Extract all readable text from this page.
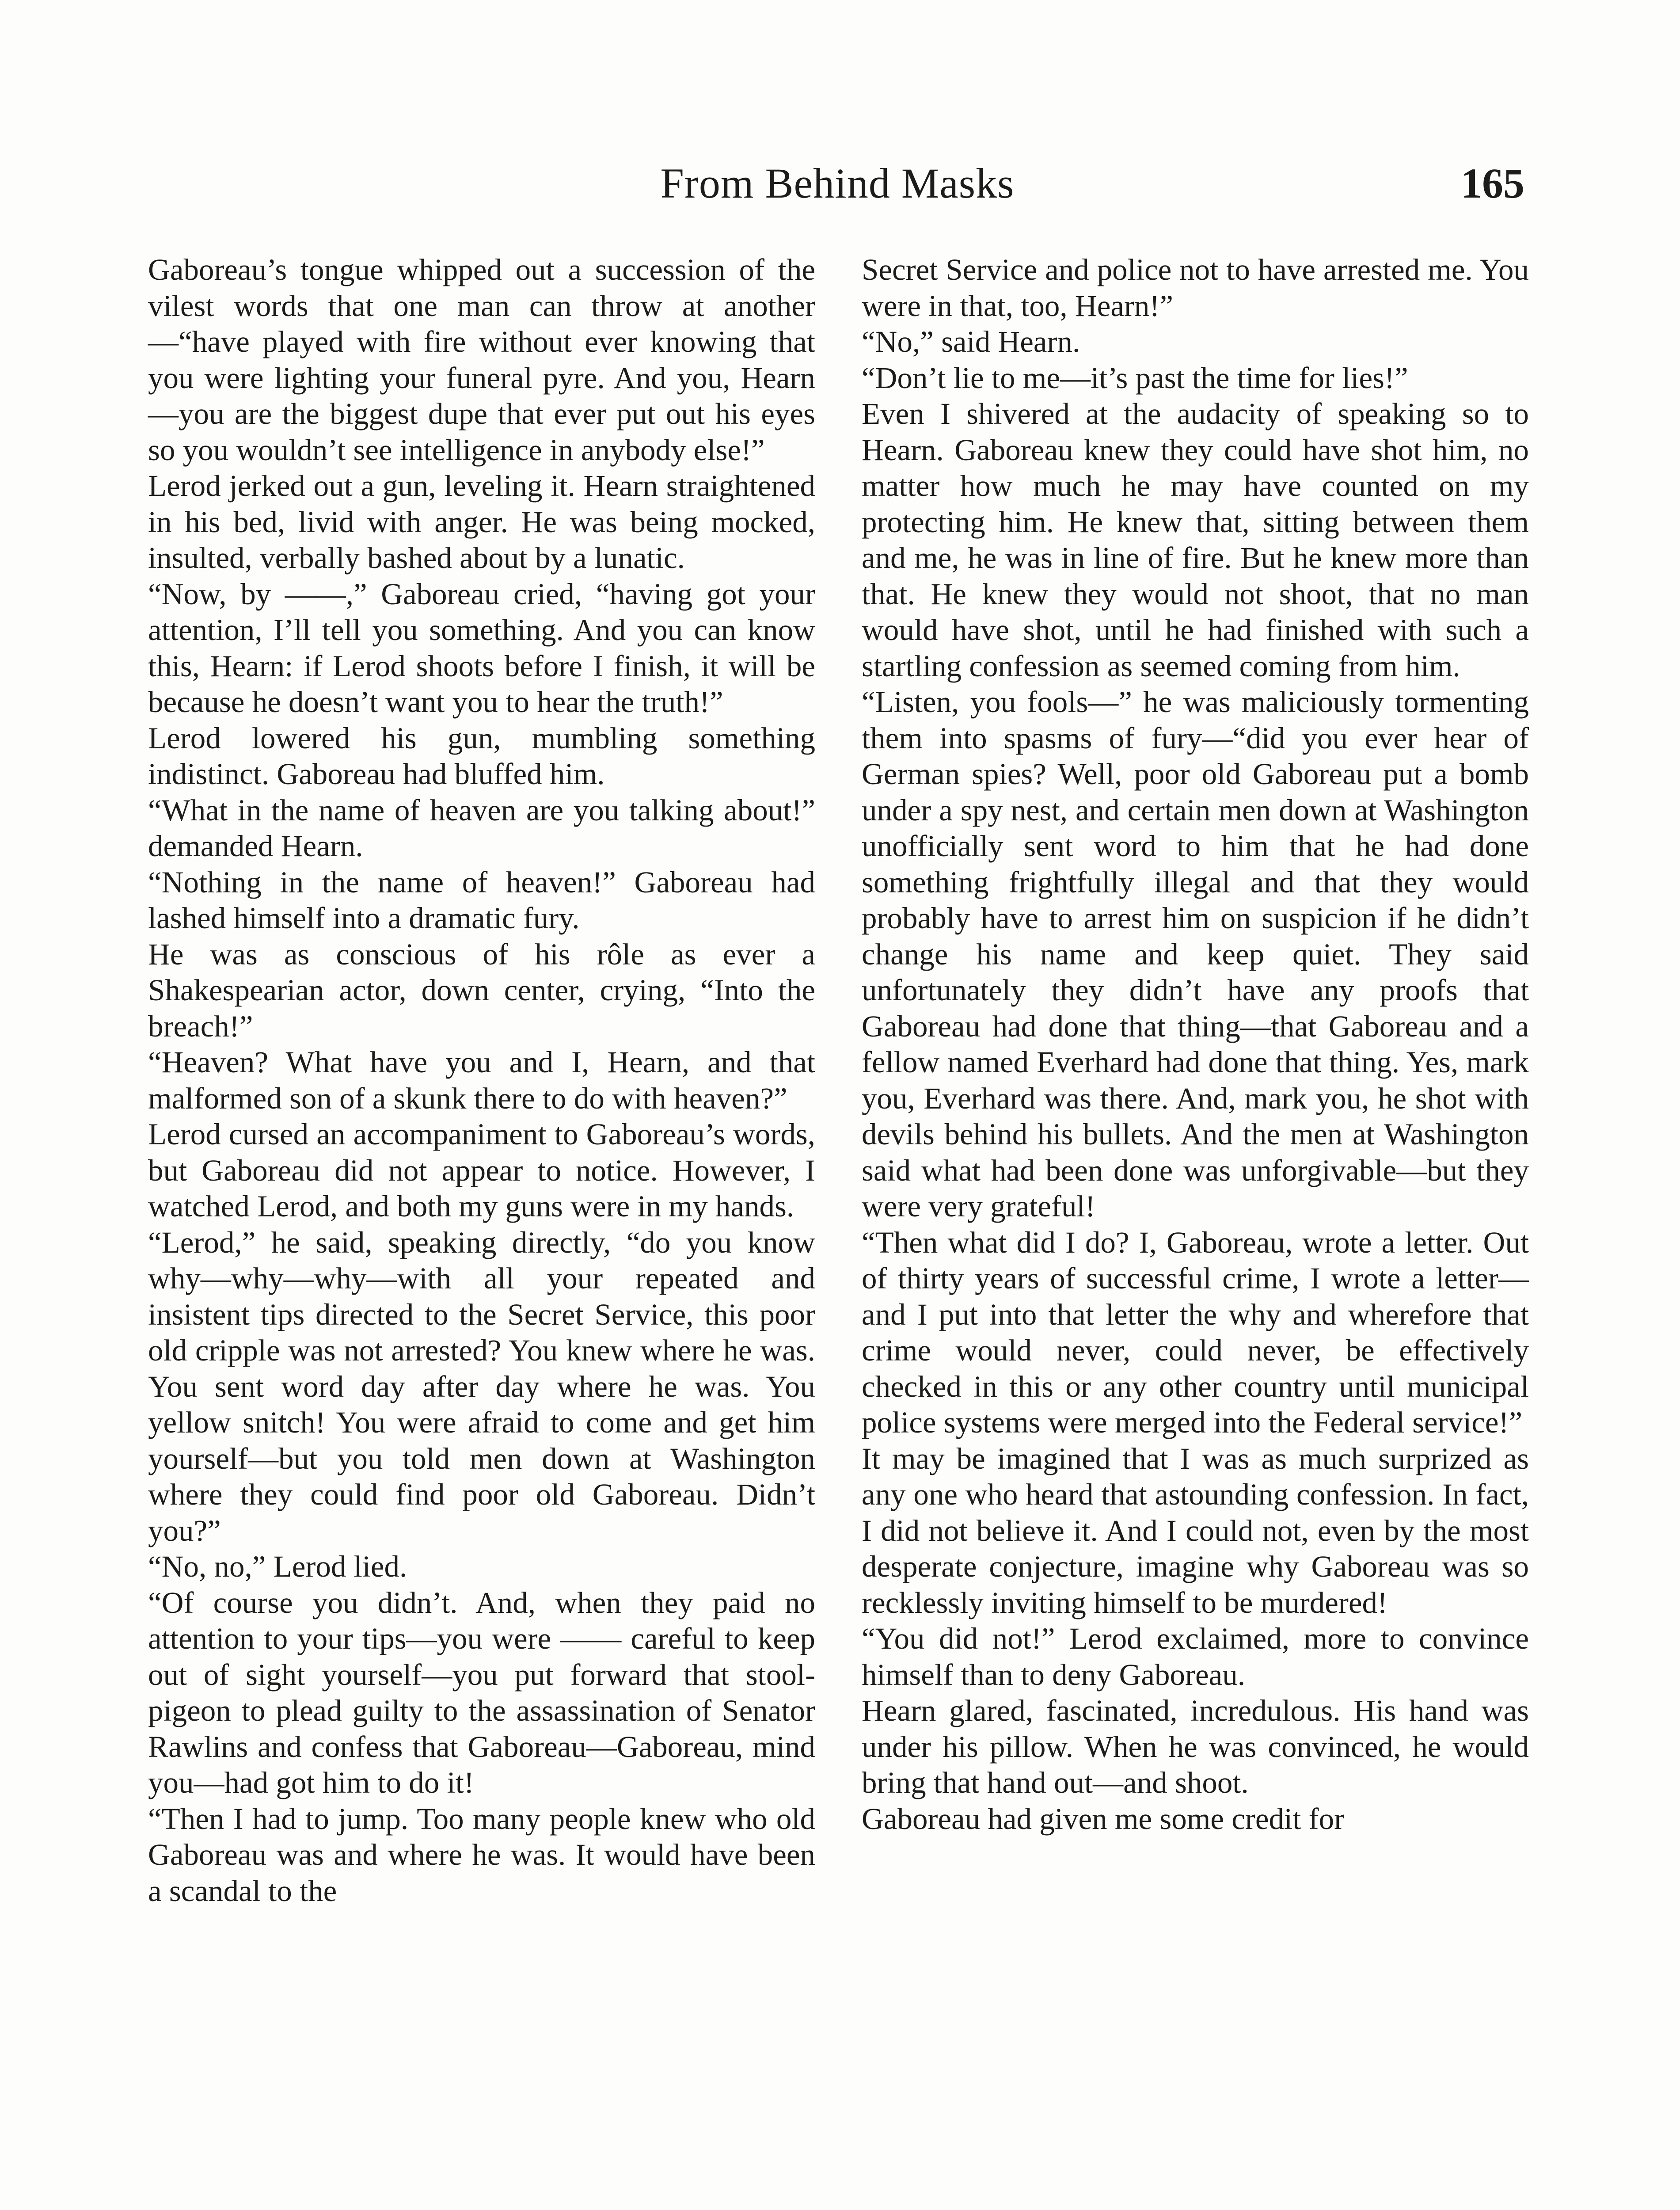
From Behind Masks	165

Gaboreau’s tongue whipped out a succession of the vilest words that one man can throw at another—“have played with fire without ever knowing that you were lighting your funeral pyre. And you, Hearn—you are the biggest dupe that ever put out his eyes so you wouldn’t see intelligence in anybody else!”

Lerod jerked out a gun, leveling it. Hearn straightened in his bed, livid with anger. He was being mocked, insulted, verbally bashed about by a lunatic.

“Now, by ——,” Gaboreau cried, “having got your attention, I’ll tell you something. And you can know this, Hearn: if Lerod shoots before I finish, it will be because he doesn’t want you to hear the truth!”

Lerod lowered his gun, mumbling something indistinct. Gaboreau had bluffed him.

“What in the name of heaven are you talking about!” demanded Hearn.

“Nothing in the name of heaven!” Gaboreau had lashed himself into a dramatic fury.

He was as conscious of his rôle as ever a Shakespearian actor, down center, crying, “Into the breach!”

“Heaven? What have you and I, Hearn, and that malformed son of a skunk there to do with heaven?”

Lerod cursed an accompaniment to Gaboreau’s words, but Gaboreau did not appear to notice. However, I watched Lerod, and both my guns were in my hands.

“Lerod,” he said, speaking directly, “do you know why—why—why—with all your repeated and insistent tips directed to the Secret Service, this poor old cripple was not arrested? You knew where he was. You sent word day after day where he was. You yellow snitch! You were afraid to come and get him yourself—but you told men down at Washington where they could find poor old Gaboreau. Didn’t you?”

“No, no,” Lerod lied.

“Of course you didn’t. And, when they paid no attention to your tips—you were —— careful to keep out of sight yourself—you put forward that stool-pigeon to plead guilty to the assassination of Senator Rawlins and confess that Gaboreau—Gaboreau, mind you—had got him to do it!

“Then I had to jump. Too many people knew who old Gaboreau was and where he was. It would have been a scandal to the

Secret Service and police not to have arrested me. You were in that, too, Hearn!”

“No,” said Hearn.

“Don’t lie to me—it’s past the time for lies!”

Even I shivered at the audacity of speaking so to Hearn. Gaboreau knew they could have shot him, no matter how much he may have counted on my protecting him. He knew that, sitting between them and me, he was in line of fire. But he knew more than that. He knew they would not shoot, that no man would have shot, until he had finished with such a startling confession as seemed coming from him.

“Listen, you fools—” he was maliciously tormenting them into spasms of fury—“did you ever hear of German spies? Well, poor old Gaboreau put a bomb under a spy nest, and certain men down at Washington unofficially sent word to him that he had done something frightfully illegal and that they would probably have to arrest him on suspicion if he didn’t change his name and keep quiet. They said unfortunately they didn’t have any proofs that Gaboreau had done that thing—that Gaboreau and a fellow named Everhard had done that thing. Yes, mark you, Everhard was there. And, mark you, he shot with devils behind his bullets. And the men at Washington said what had been done was unforgivable—but they were very grateful!

“Then what did I do? I, Gaboreau, wrote a letter. Out of thirty years of successful crime, I wrote a letter—and I put into that letter the why and wherefore that crime would never, could never, be effectively checked in this or any other country until municipal police systems were merged into the Federal service!”

It may be imagined that I was as much surprized as any one who heard that astounding confession. In fact, I did not believe it. And I could not, even by the most desperate conjecture, imagine why Gaboreau was so recklessly inviting himself to be murdered!

“You did not!” Lerod exclaimed, more to convince himself than to deny Gaboreau.

Hearn glared, fascinated, incredulous. His hand was under his pillow. When he was convinced, he would bring that hand out—and shoot.

Gaboreau had given me some credit for
